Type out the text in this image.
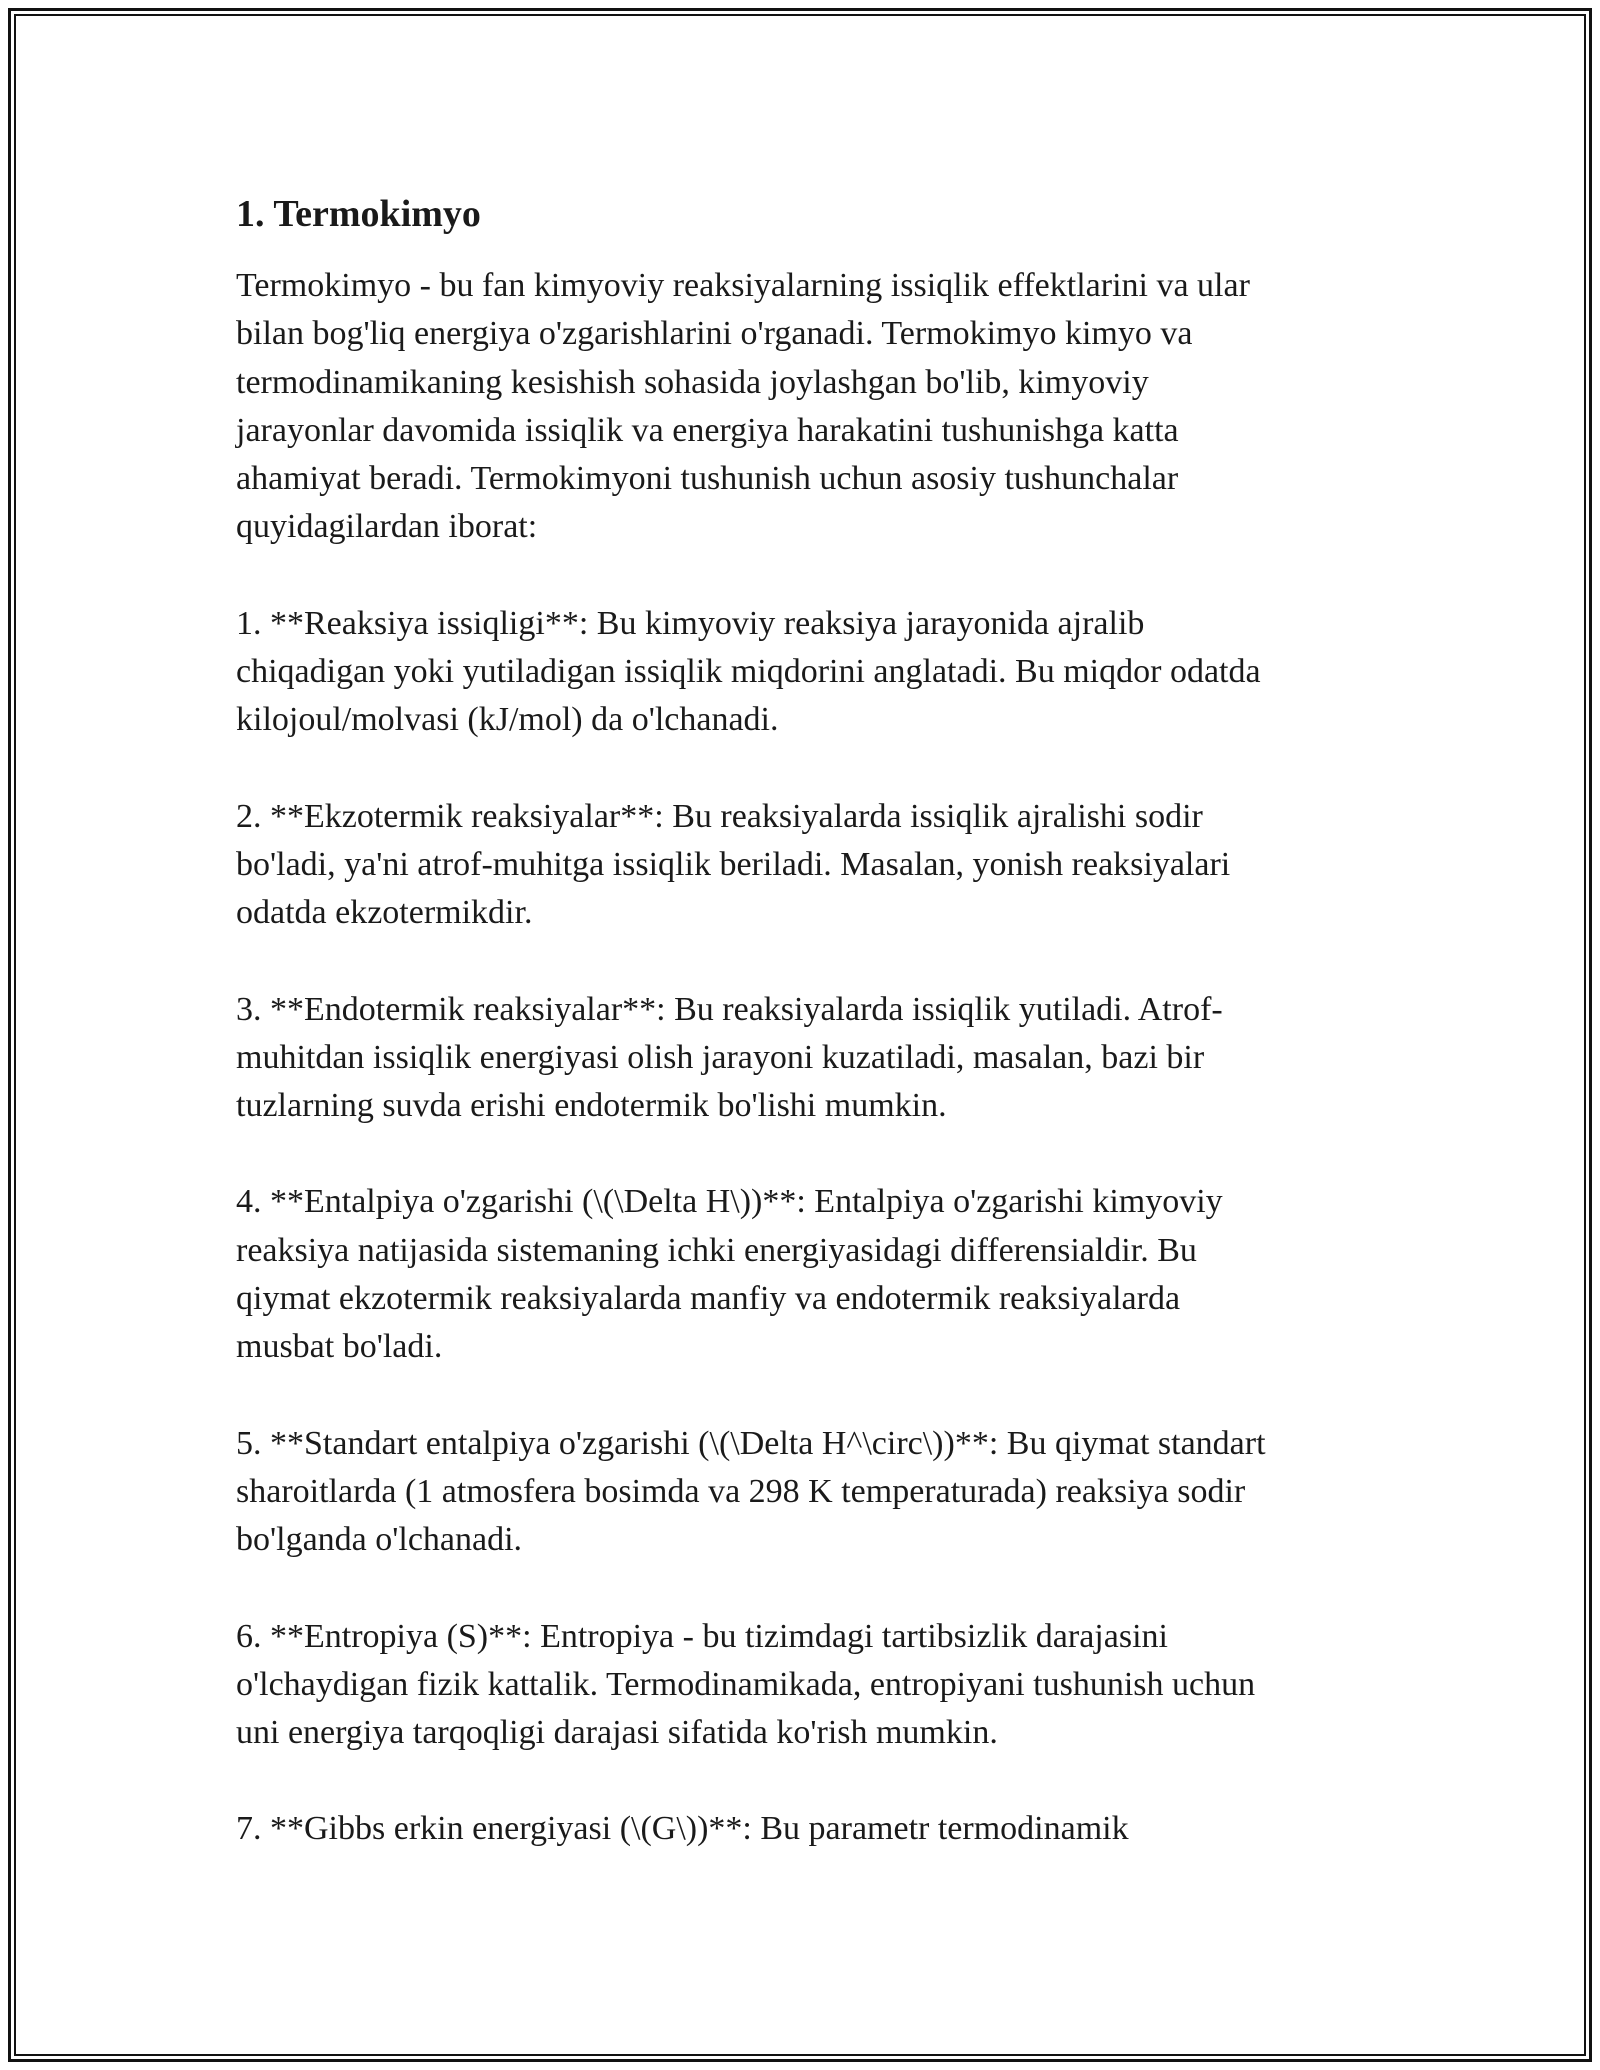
1. Termokimyo

Termokimyo - bu fan kimyoviy reaksiyalarning issiqlik effektlarini va ular
bilan bog'liq energiya o'zgarishlarini o'rganadi. Termokimyo kimyo va
termodinamikaning kesishish sohasida joylashgan bo'lib, kimyoviy
jarayonlar davomida issiqlik va energiya harakatini tushunishga katta
ahamiyat beradi. Termokimyoni tushunish uchun asosiy tushunchalar
quyidagilardan iborat:

1. **Reaksiya issiqligi**: Bu kimyoviy reaksiya jarayonida ajralib
chiqadigan yoki yutiladigan issiqlik miqdorini anglatadi. Bu miqdor odatda
kilojoul/molvasi (kJ/mol) da o'lchanadi.

2. **Ekzotermik reaksiyalar**: Bu reaksiyalarda issiqlik ajralishi sodir
bo'ladi, ya'ni atrof-muhitga issiqlik beriladi. Masalan, yonish reaksiyalari
odatda ekzotermikdir.

3. **Endotermik reaksiyalar**: Bu reaksiyalarda issiqlik yutiladi. Atrof-
muhitdan issiqlik energiyasi olish jarayoni kuzatiladi, masalan, bazi bir
tuzlarning suvda erishi endotermik bo'lishi mumkin.

4. **Entalpiya o'zgarishi (\(\Delta H\))**: Entalpiya o'zgarishi kimyoviy
reaksiya natijasida sistemaning ichki energiyasidagi differensialdir. Bu
qiymat ekzotermik reaksiyalarda manfiy va endotermik reaksiyalarda
musbat bo'ladi.

5. **Standart entalpiya o'zgarishi (\(\Delta H^\circ\))**: Bu qiymat standart
sharoitlarda (1 atmosfera bosimda va 298 K temperaturada) reaksiya sodir
bo'lganda o'lchanadi.

6. **Entropiya (S)**: Entropiya - bu tizimdagi tartibsizlik darajasini
o'lchaydigan fizik kattalik. Termodinamikada, entropiyani tushunish uchun
uni energiya tarqoqligi darajasi sifatida ko'rish mumkin.

7. **Gibbs erkin energiyasi (\(G\))**: Bu parametr termodinamik
